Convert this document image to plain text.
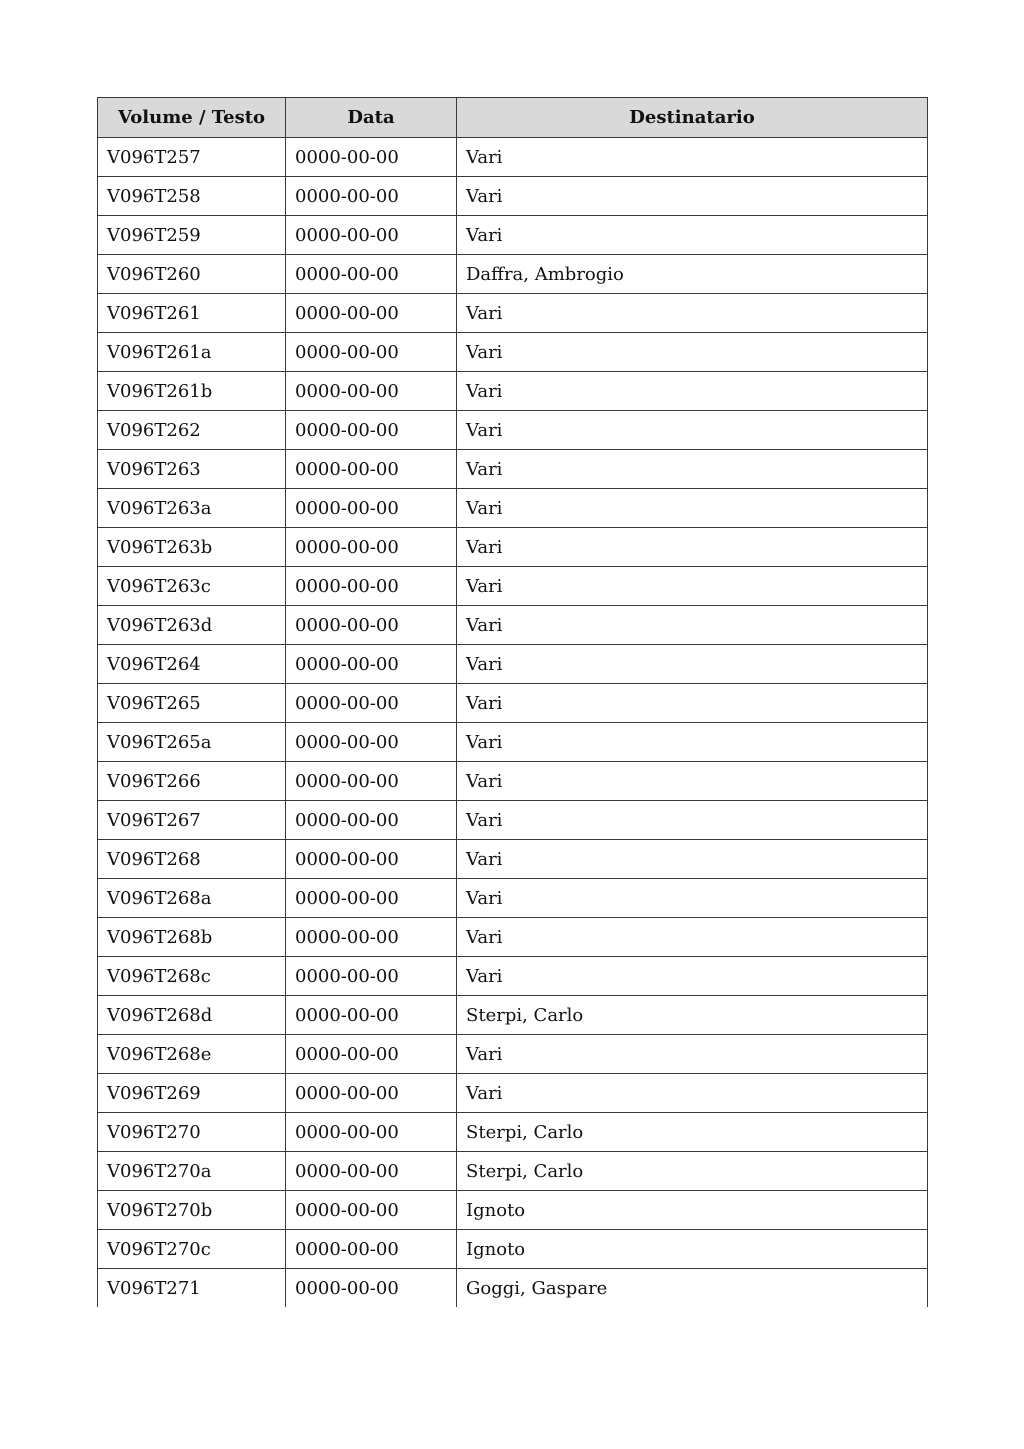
Volume / Testo	Data	Destinatario
V096T257	0000-00-00	Vari
V096T258	0000-00-00	Vari
V096T259	0000-00-00	Vari
V096T260	0000-00-00	Daffra, Ambrogio
V096T261	0000-00-00	Vari
V096T261a	0000-00-00	Vari
V096T261b	0000-00-00	Vari
V096T262	0000-00-00	Vari
V096T263	0000-00-00	Vari
V096T263a	0000-00-00	Vari
V096T263b	0000-00-00	Vari
V096T263c	0000-00-00	Vari
V096T263d	0000-00-00	Vari
V096T264	0000-00-00	Vari
V096T265	0000-00-00	Vari
V096T265a	0000-00-00	Vari
V096T266	0000-00-00	Vari
V096T267	0000-00-00	Vari
V096T268	0000-00-00	Vari
V096T268a	0000-00-00	Vari
V096T268b	0000-00-00	Vari
V096T268c	0000-00-00	Vari
V096T268d	0000-00-00	Sterpi, Carlo
V096T268e	0000-00-00	Vari
V096T269	0000-00-00	Vari
V096T270	0000-00-00	Sterpi, Carlo
V096T270a	0000-00-00	Sterpi, Carlo
V096T270b	0000-00-00	Ignoto
V096T270c	0000-00-00	Ignoto
V096T271	0000-00-00	Goggi, Gaspare
